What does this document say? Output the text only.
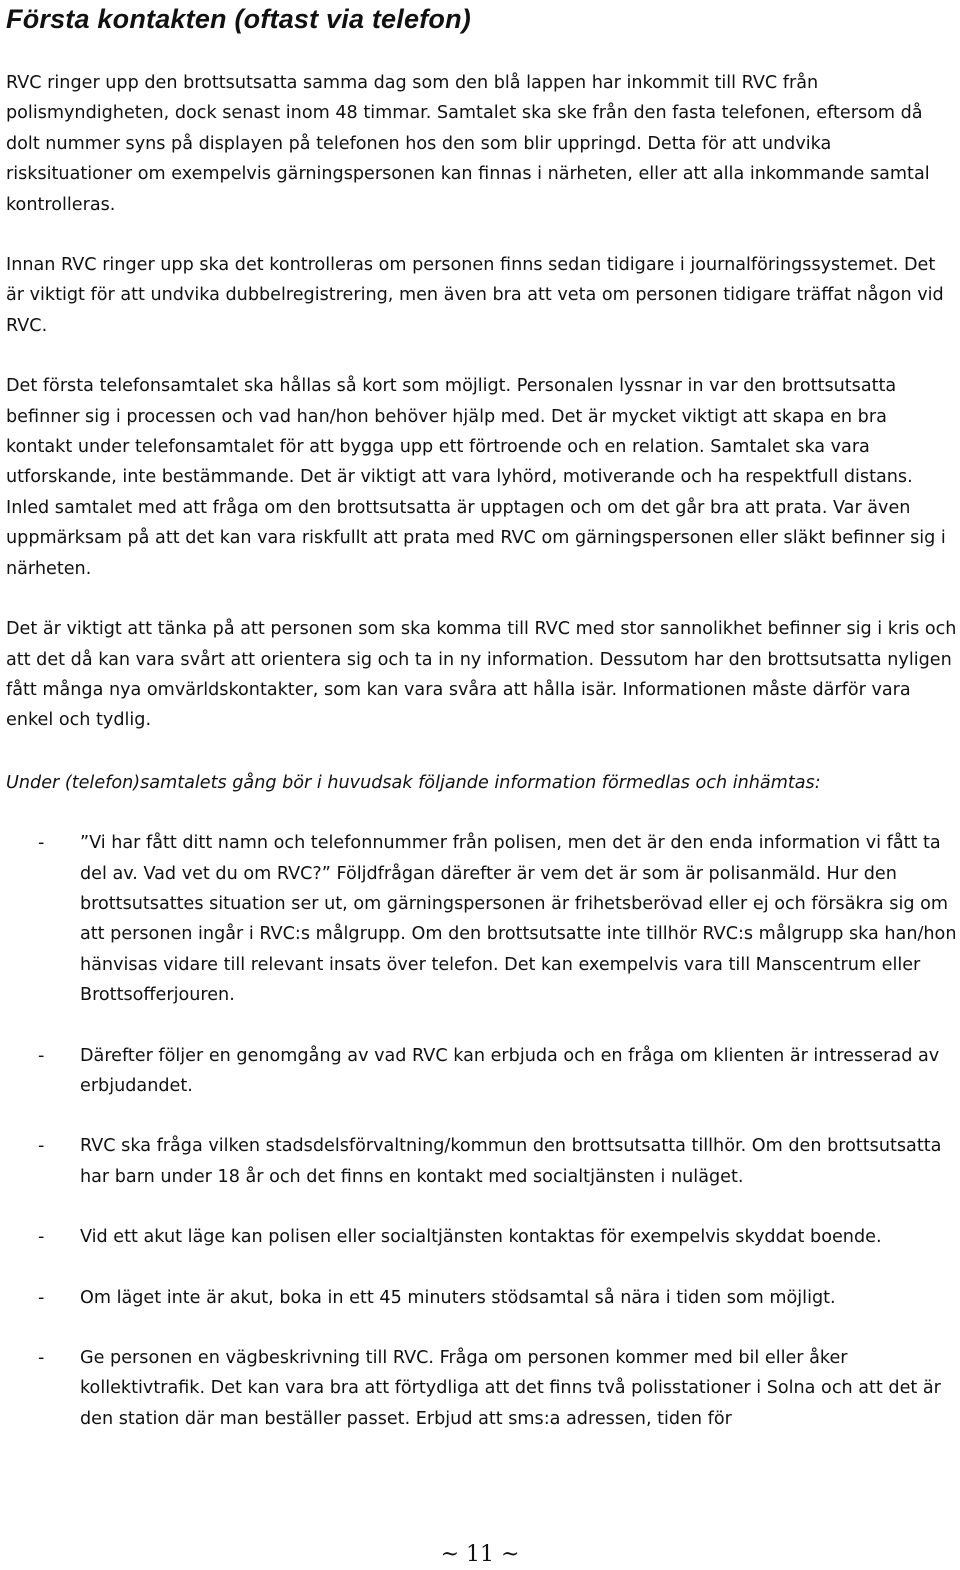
Första kontakten (oftast via telefon)

RVC ringer upp den brottsutsatta samma dag som den blå lappen har inkommit till RVC från polismyndigheten, dock senast inom 48 timmar. Samtalet ska ske från den fasta telefonen, eftersom då dolt nummer syns på displayen på telefonen hos den som blir uppringd. Detta för att undvika risksituationer om exempelvis gärningspersonen kan finnas i närheten, eller att alla inkommande samtal kontrolleras.

Innan RVC ringer upp ska det kontrolleras om personen finns sedan tidigare i journalföringssystemet. Det är viktigt för att undvika dubbelregistrering, men även bra att veta om personen tidigare träffat någon vid RVC.

Det första telefonsamtalet ska hållas så kort som möjligt. Personalen lyssnar in var den brottsutsatta befinner sig i processen och vad han/hon behöver hjälp med. Det är mycket viktigt att skapa en bra kontakt under telefonsamtalet för att bygga upp ett förtroende och en relation. Samtalet ska vara utforskande, inte bestämmande. Det är viktigt att vara lyhörd, motiverande och ha respektfull distans. Inled samtalet med att fråga om den brottsutsatta är upptagen och om det går bra att prata. Var även uppmärksam på att det kan vara riskfullt att prata med RVC om gärningspersonen eller släkt befinner sig i närheten.

Det är viktigt att tänka på att personen som ska komma till RVC med stor sannolikhet befinner sig i kris och att det då kan vara svårt att orientera sig och ta in ny information. Dessutom har den brottsutsatta nyligen fått många nya omvärldskontakter, som kan vara svåra att hålla isär. Informationen måste därför vara enkel och tydlig.

Under (telefon)samtalets gång bör i huvudsak följande information förmedlas och inhämtas:

- ”Vi har fått ditt namn och telefonnummer från polisen, men det är den enda information vi fått ta del av. Vad vet du om RVC?” Följdfrågan därefter är vem det är som är polisanmäld. Hur den brottsutsattes situation ser ut, om gärningspersonen är frihetsberövad eller ej och försäkra sig om att personen ingår i RVC:s målgrupp. Om den brottsutsatte inte tillhör RVC:s målgrupp ska han/hon hänvisas vidare till relevant insats över telefon. Det kan exempelvis vara till Manscentrum eller Brottsofferjouren.
- Därefter följer en genomgång av vad RVC kan erbjuda och en fråga om klienten är intresserad av erbjudandet.
- RVC ska fråga vilken stadsdelsförvaltning/kommun den brottsutsatta tillhör. Om den brottsutsatta har barn under 18 år och det finns en kontakt med socialtjänsten i nuläget.
- Vid ett akut läge kan polisen eller socialtjänsten kontaktas för exempelvis skyddat boende.
- Om läget inte är akut, boka in ett 45 minuters stödsamtal så nära i tiden som möjligt.
- Ge personen en vägbeskrivning till RVC. Fråga om personen kommer med bil eller åker kollektivtrafik. Det kan vara bra att förtydliga att det finns två polisstationer i Solna och att det är den station där man beställer passet. Erbjud att sms:a adressen, tiden för
~ 11 ~
